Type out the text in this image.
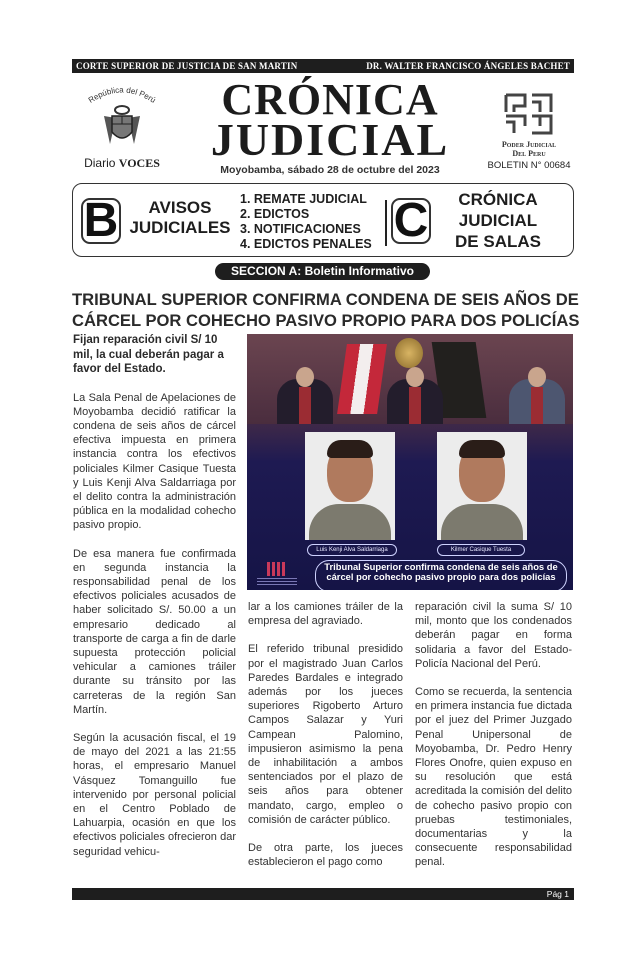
CORTE SUPERIOR DE JUSTICIA DE SAN MARTIN	DR. WALTER FRANCISCO ÁNGELES BACHET
República del Perú
Diario VOCES
CRÓNICA
JUDICIAL
Moyobamba, sábado 28 de octubre del 2023
Poder Judicial
Del Peru
BOLETIN N° 00684
B	AVISOS
JUDICIALES
1. REMATE JUDICIAL
2. EDICTOS
3. NOTIFICACIONES
4. EDICTOS PENALES C	CRÓNICA
JUDICIAL
DE SALAS
SECCION A: Boletin Informativo
TRIBUNAL SUPERIOR CONFIRMA CONDENA DE SEIS AÑOS DE CÁRCEL POR COHECHO PASIVO PROPIO PARA DOS POLICÍAS

Fijan reparación civil S/ 10 mil, la cual deberán pagar a favor del Estado.

La Sala Penal de Apelaciones de Moyobamba decidió ratificar la condena de seis años de cárcel efectiva impuesta en primera instancia contra los efectivos policiales Kilmer Casique Tuesta y Luis Kenji Alva Saldarriaga por el delito contra la administración pública en la modalidad cohecho pasivo propio.

De esa manera fue confirmada en segunda instancia la responsabilidad penal de los efectivos policiales acusados de haber solicitado S/. 50.00 a un empresario dedicado al transporte de carga a fin de darle supuesta protección policial vehicular a camiones tráiler durante su tránsito por las carreteras de la región San Martín.

Según la acusación fiscal, el 19 de mayo del 2021 a las 21:55 horas, el empresario Manuel Vásquez Tomanguillo fue intervenido por personal policial en el Centro Poblado de Lahuarpia, ocasión en que los efectivos policiales ofrecieron dar seguridad vehicu-

Luis Kenji Alva Saldarriaga	Kilmer Casique Tuesta
Tribunal Superior confirma condena de seis años de cárcel por cohecho pasivo propio para dos policías

lar a los camiones tráiler de la empresa del agraviado.

El referido tribunal presidido por el magistrado Juan Carlos Paredes Bardales e integrado además por los jueces superiores Rigoberto Arturo Campos Salazar y Yuri Campean Palomino, impusieron asimismo la pena de inhabilitación a ambos sentenciados por el plazo de seis años para obtener mandato, cargo, empleo o comisión de carácter público.

De otra parte, los jueces establecieron el pago como

reparación civil la suma S/ 10 mil, monto que los condenados deberán pagar en forma solidaria a favor del Estado-Policía Nacional del Perú.

Como se recuerda, la sentencia en primera instancia fue dictada por el juez del Primer Juzgado Penal Unipersonal de Moyobamba, Dr. Pedro Henry Flores Onofre, quien expuso en su resolución que está acreditada la comisión del delito de cohecho pasivo propio con pruebas testimoniales, documentarias y la consecuente responsabilidad penal.

Pág 1
